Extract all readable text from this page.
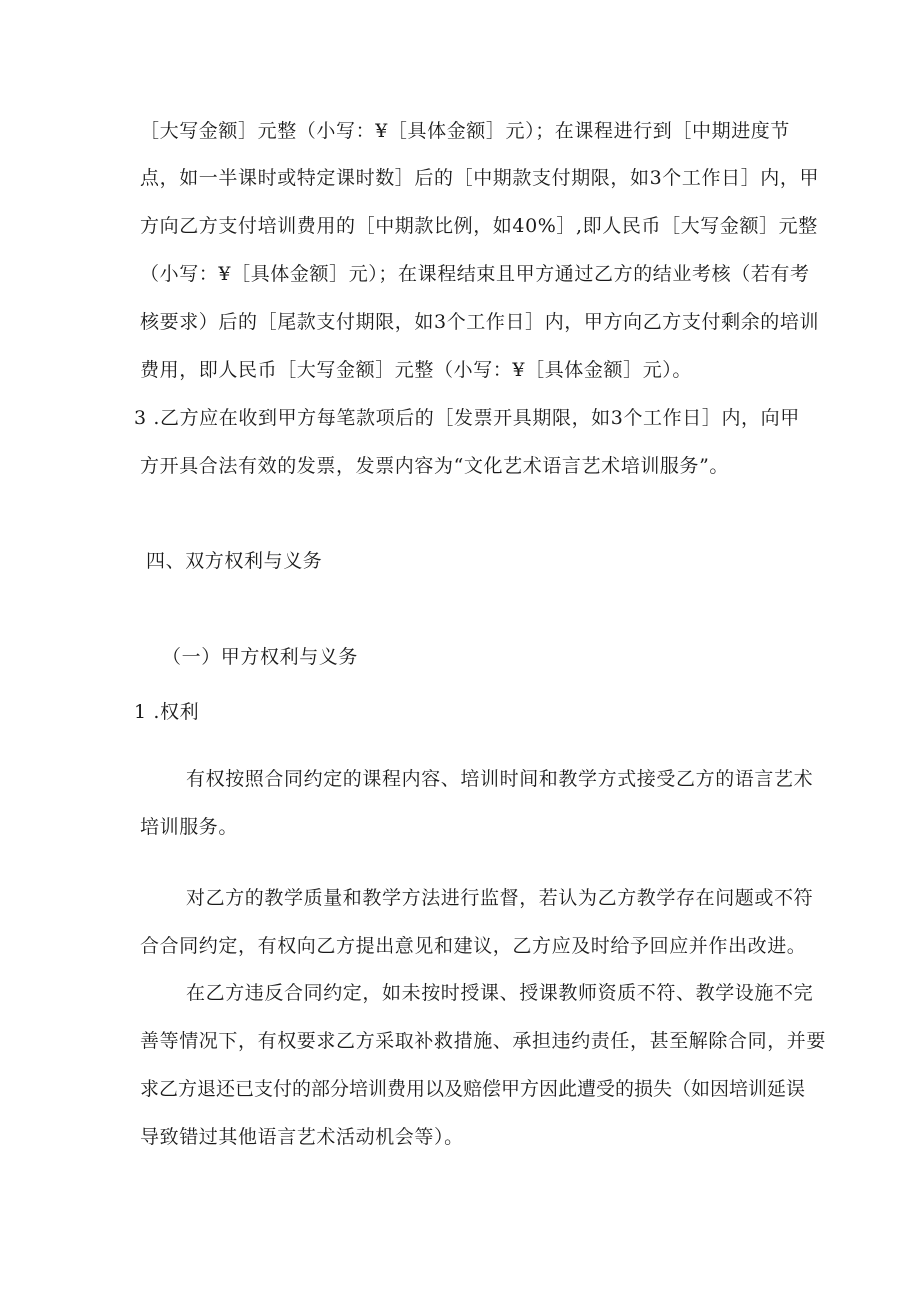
［大写金额］元整（小写：¥［具体金额］元）；在课程进行到［中期进度节
点，如一半课时或特定课时数］后的［中期款支付期限，如3个工作日］内，甲
方向乙方支付培训费用的［中期款比例，如40%］,即人民币［大写金额］元整
（小写：¥［具体金额］元）；在课程结束且甲方通过乙方的结业考核（若有考
核要求）后的［尾款支付期限，如3个工作日］内，甲方向乙方支付剩余的培训
费用，即人民币［大写金额］元整（小写：¥［具体金额］元）。
3 .乙方应在收到甲方每笔款项后的［发票开具期限，如3个工作日］内，向甲
方开具合法有效的发票，发票内容为“文化艺术语言艺术培训服务”。
四、双方权利与义务
（一）甲方权利与义务
1 .权利
有权按照合同约定的课程内容、培训时间和教学方式接受乙方的语言艺术
培训服务。
对乙方的教学质量和教学方法进行监督，若认为乙方教学存在问题或不符
合合同约定，有权向乙方提出意见和建议，乙方应及时给予回应并作出改进。
在乙方违反合同约定，如未按时授课、授课教师资质不符、教学设施不完
善等情况下，有权要求乙方采取补救措施、承担违约责任，甚至解除合同，并要
求乙方退还已支付的部分培训费用以及赔偿甲方因此遭受的损失（如因培训延误
导致错过其他语言艺术活动机会等）。
